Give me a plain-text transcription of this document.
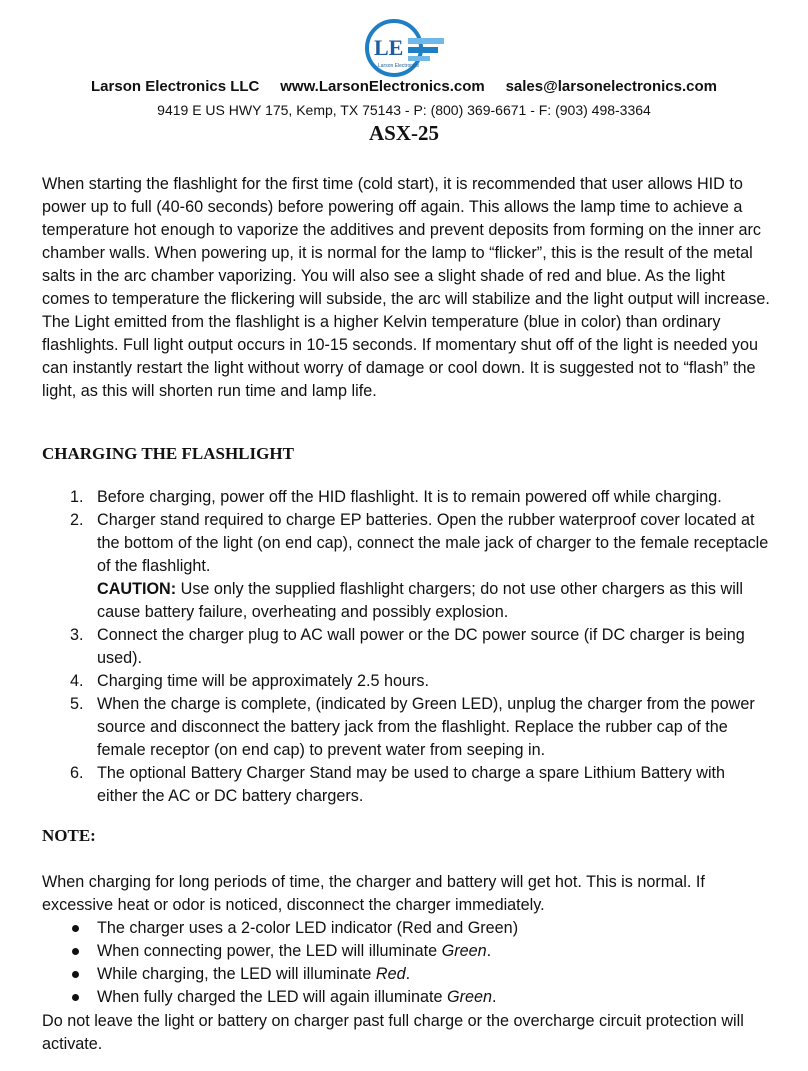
LE
Larson Electronics
Larson Electronics LLC www.LarsonElectronics.com sales@larsonelectronics.com
9419 E US HWY 175, Kemp, TX 75143 - P: (800) 369-6671 - F: (903) 498-3364
ASX-25
When starting the flashlight for the first time (cold start), it is recommended that user allows HID to power up to full (40-60 seconds) before powering off again. This allows the lamp time to achieve a temperature hot enough to vaporize the additives and prevent deposits from forming on the inner arc chamber walls. When powering up, it is normal for the lamp to “flicker”, this is the result of the metal salts in the arc chamber vaporizing. You will also see a slight shade of red and blue. As the light comes to temperature the flickering will subside, the arc will stabilize and the light output will increase. The Light emitted from the flashlight is a higher Kelvin temperature (blue in color) than ordinary flashlights. Full light output occurs in 10-15 seconds. If momentary shut off of the light is needed you can instantly restart the light without worry of damage or cool down. It is suggested not to “flash” the light, as this will shorten run time and lamp life.
CHARGING THE FLASHLIGHT
1. Before charging, power off the HID flashlight. It is to remain powered off while charging.
2. Charger stand required to charge EP batteries. Open the rubber waterproof cover located at the bottom of the light (on end cap), connect the male jack of charger to the female receptacle of the flashlight.
CAUTION: Use only the supplied flashlight chargers; do not use other chargers as this will cause battery failure, overheating and possibly explosion.
3. Connect the charger plug to AC wall power or the DC power source (if DC charger is being used).
4. Charging time will be approximately 2.5 hours.
5. When the charge is complete, (indicated by Green LED), unplug the charger from the power source and disconnect the battery jack from the flashlight. Replace the rubber cap of the female receptor (on end cap) to prevent water from seeping in.
6. The optional Battery Charger Stand may be used to charge a spare Lithium Battery with either the AC or DC battery chargers.
NOTE:
When charging for long periods of time, the charger and battery will get hot. This is normal. If excessive heat or odor is noticed, disconnect the charger immediately.
The charger uses a 2-color LED indicator (Red and Green)
When connecting power, the LED will illuminate Green.
While charging, the LED will illuminate Red.
When fully charged the LED will again illuminate Green.
Do not leave the light or battery on charger past full charge or the overcharge circuit protection will activate.
